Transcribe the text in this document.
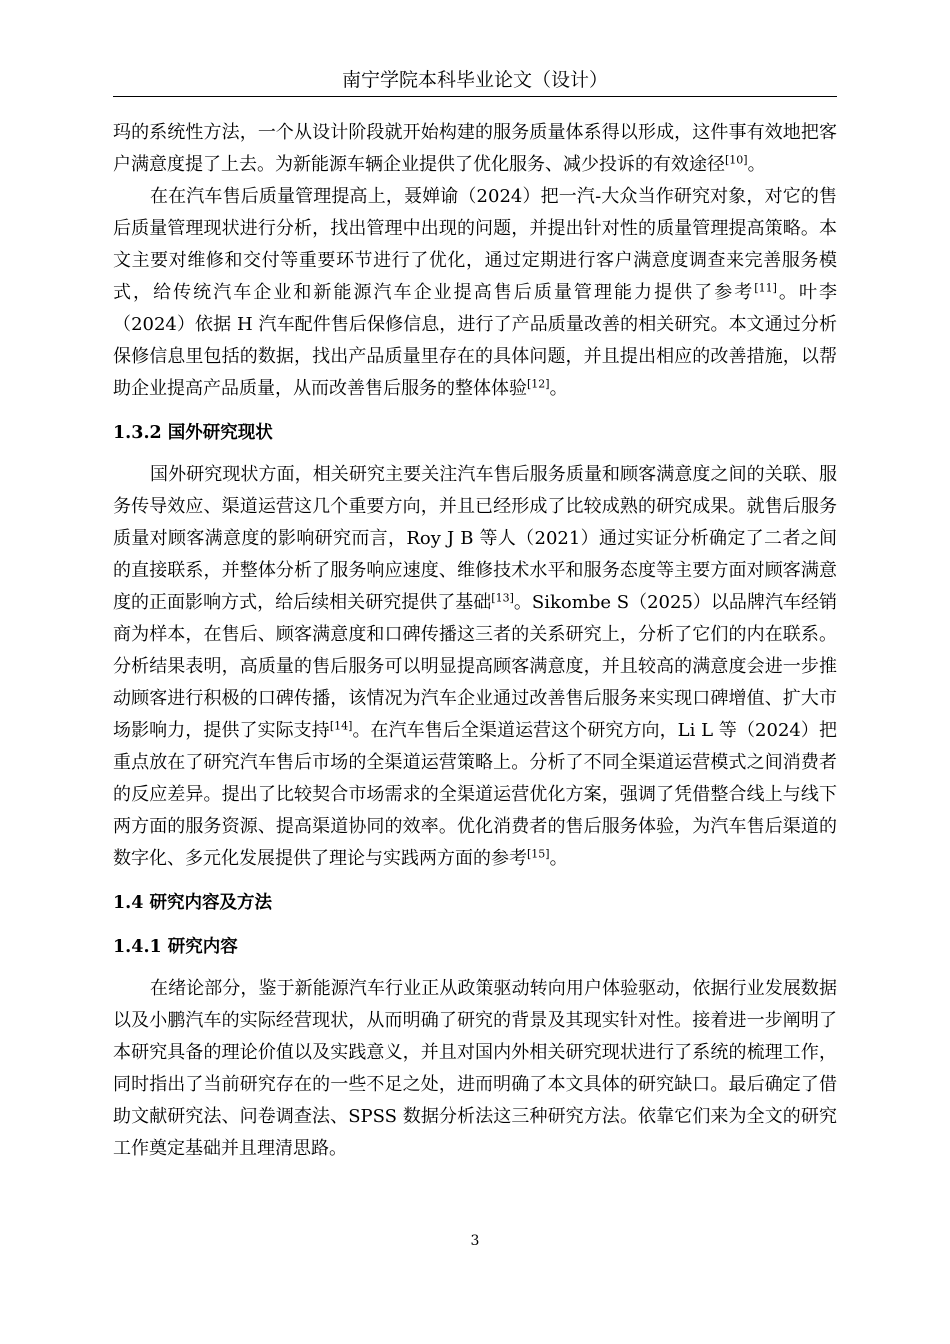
南宁学院本科毕业论文（设计）

玛的系统性方法，一个从设计阶段就开始构建的服务质量体系得以形成，这件事有效地把客户满意度提了上去。为新能源车辆企业提供了优化服务、减少投诉的有效途径[10]。

在在汽车售后质量管理提高上，聂婵谕（2024）把一汽-大众当作研究对象，对它的售后质量管理现状进行分析，找出管理中出现的问题，并提出针对性的质量管理提高策略。本文主要对维修和交付等重要环节进行了优化，通过定期进行客户满意度调查来完善服务模式，给传统汽车企业和新能源汽车企业提高售后质量管理能力提供了参考[11]。叶李（2024）依据 H 汽车配件售后保修信息，进行了产品质量改善的相关研究。本文通过分析保修信息里包括的数据，找出产品质量里存在的具体问题，并且提出相应的改善措施，以帮助企业提高产品质量，从而改善售后服务的整体体验[12]。

1.3.2 国外研究现状

国外研究现状方面，相关研究主要关注汽车售后服务质量和顾客满意度之间的关联、服务传导效应、渠道运营这几个重要方向，并且已经形成了比较成熟的研究成果。就售后服务质量对顾客满意度的影响研究而言，Roy J B 等人（2021）通过实证分析确定了二者之间的直接联系，并整体分析了服务响应速度、维修技术水平和服务态度等主要方面对顾客满意度的正面影响方式，给后续相关研究提供了基础[13]。Sikombe S（2025）以品牌汽车经销商为样本，在售后、顾客满意度和口碑传播这三者的关系研究上，分析了它们的内在联系。分析结果表明，高质量的售后服务可以明显提高顾客满意度，并且较高的满意度会进一步推动顾客进行积极的口碑传播，该情况为汽车企业通过改善售后服务来实现口碑增值、扩大市场影响力，提供了实际支持[14]。在汽车售后全渠道运营这个研究方向，Li L 等（2024）把重点放在了研究汽车售后市场的全渠道运营策略上。分析了不同全渠道运营模式之间消费者的反应差异。提出了比较契合市场需求的全渠道运营优化方案，强调了凭借整合线上与线下两方面的服务资源、提高渠道协同的效率。优化消费者的售后服务体验，为汽车售后渠道的数字化、多元化发展提供了理论与实践两方面的参考[15]。

1.4 研究内容及方法
1.4.1 研究内容

在绪论部分，鉴于新能源汽车行业正从政策驱动转向用户体验驱动，依据行业发展数据以及小鹏汽车的实际经营现状，从而明确了研究的背景及其现实针对性。接着进一步阐明了本研究具备的理论价值以及实践意义，并且对国内外相关研究现状进行了系统的梳理工作，同时指出了当前研究存在的一些不足之处，进而明确了本文具体的研究缺口。最后确定了借助文献研究法、问卷调查法、SPSS 数据分析法这三种研究方法。依靠它们来为全文的研究工作奠定基础并且理清思路。

3
